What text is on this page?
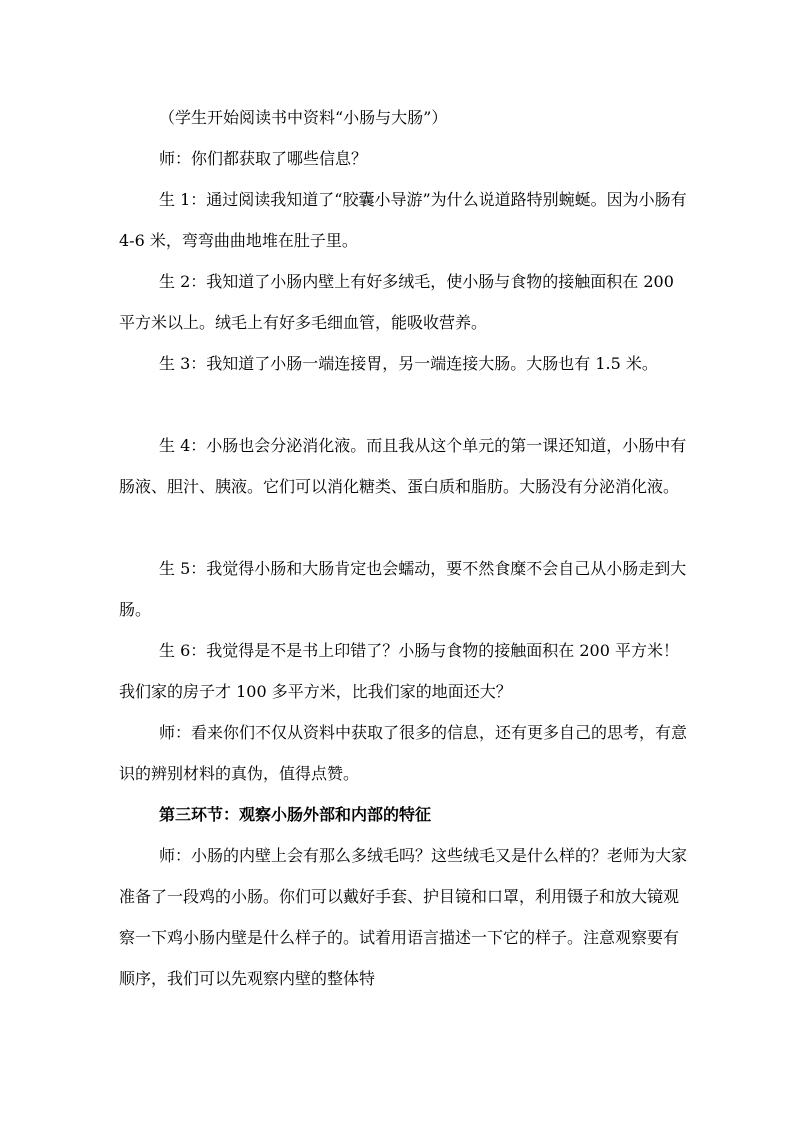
（学生开始阅读书中资料“小肠与大肠”）

师：你们都获取了哪些信息？

生 1：通过阅读我知道了“胶囊小导游”为什么说道路特别蜿蜒。因为小肠有 4-6 米，弯弯曲曲地堆在肚子里。

生 2：我知道了小肠内壁上有好多绒毛，使小肠与食物的接触面积在 200 平方米以上。绒毛上有好多毛细血管，能吸收营养。

生 3：我知道了小肠一端连接胃，另一端连接大肠。大肠也有 1.5 米。

生 4：小肠也会分泌消化液。而且我从这个单元的第一课还知道，小肠中有肠液、胆汁、胰液。它们可以消化糖类、蛋白质和脂肪。大肠没有分泌消化液。

生 5：我觉得小肠和大肠肯定也会蠕动，要不然食糜不会自己从小肠走到大肠。

生 6：我觉得是不是书上印错了？小肠与食物的接触面积在 200 平方米！我们家的房子才 100 多平方米，比我们家的地面还大？

师：看来你们不仅从资料中获取了很多的信息，还有更多自己的思考，有意识的辨别材料的真伪，值得点赞。

第三环节：观察小肠外部和内部的特征

师：小肠的内壁上会有那么多绒毛吗？这些绒毛又是什么样的？老师为大家准备了一段鸡的小肠。你们可以戴好手套、护目镜和口罩，利用镊子和放大镜观察一下鸡小肠内壁是什么样子的。试着用语言描述一下它的样子。注意观察要有顺序，我们可以先观察内壁的整体特
